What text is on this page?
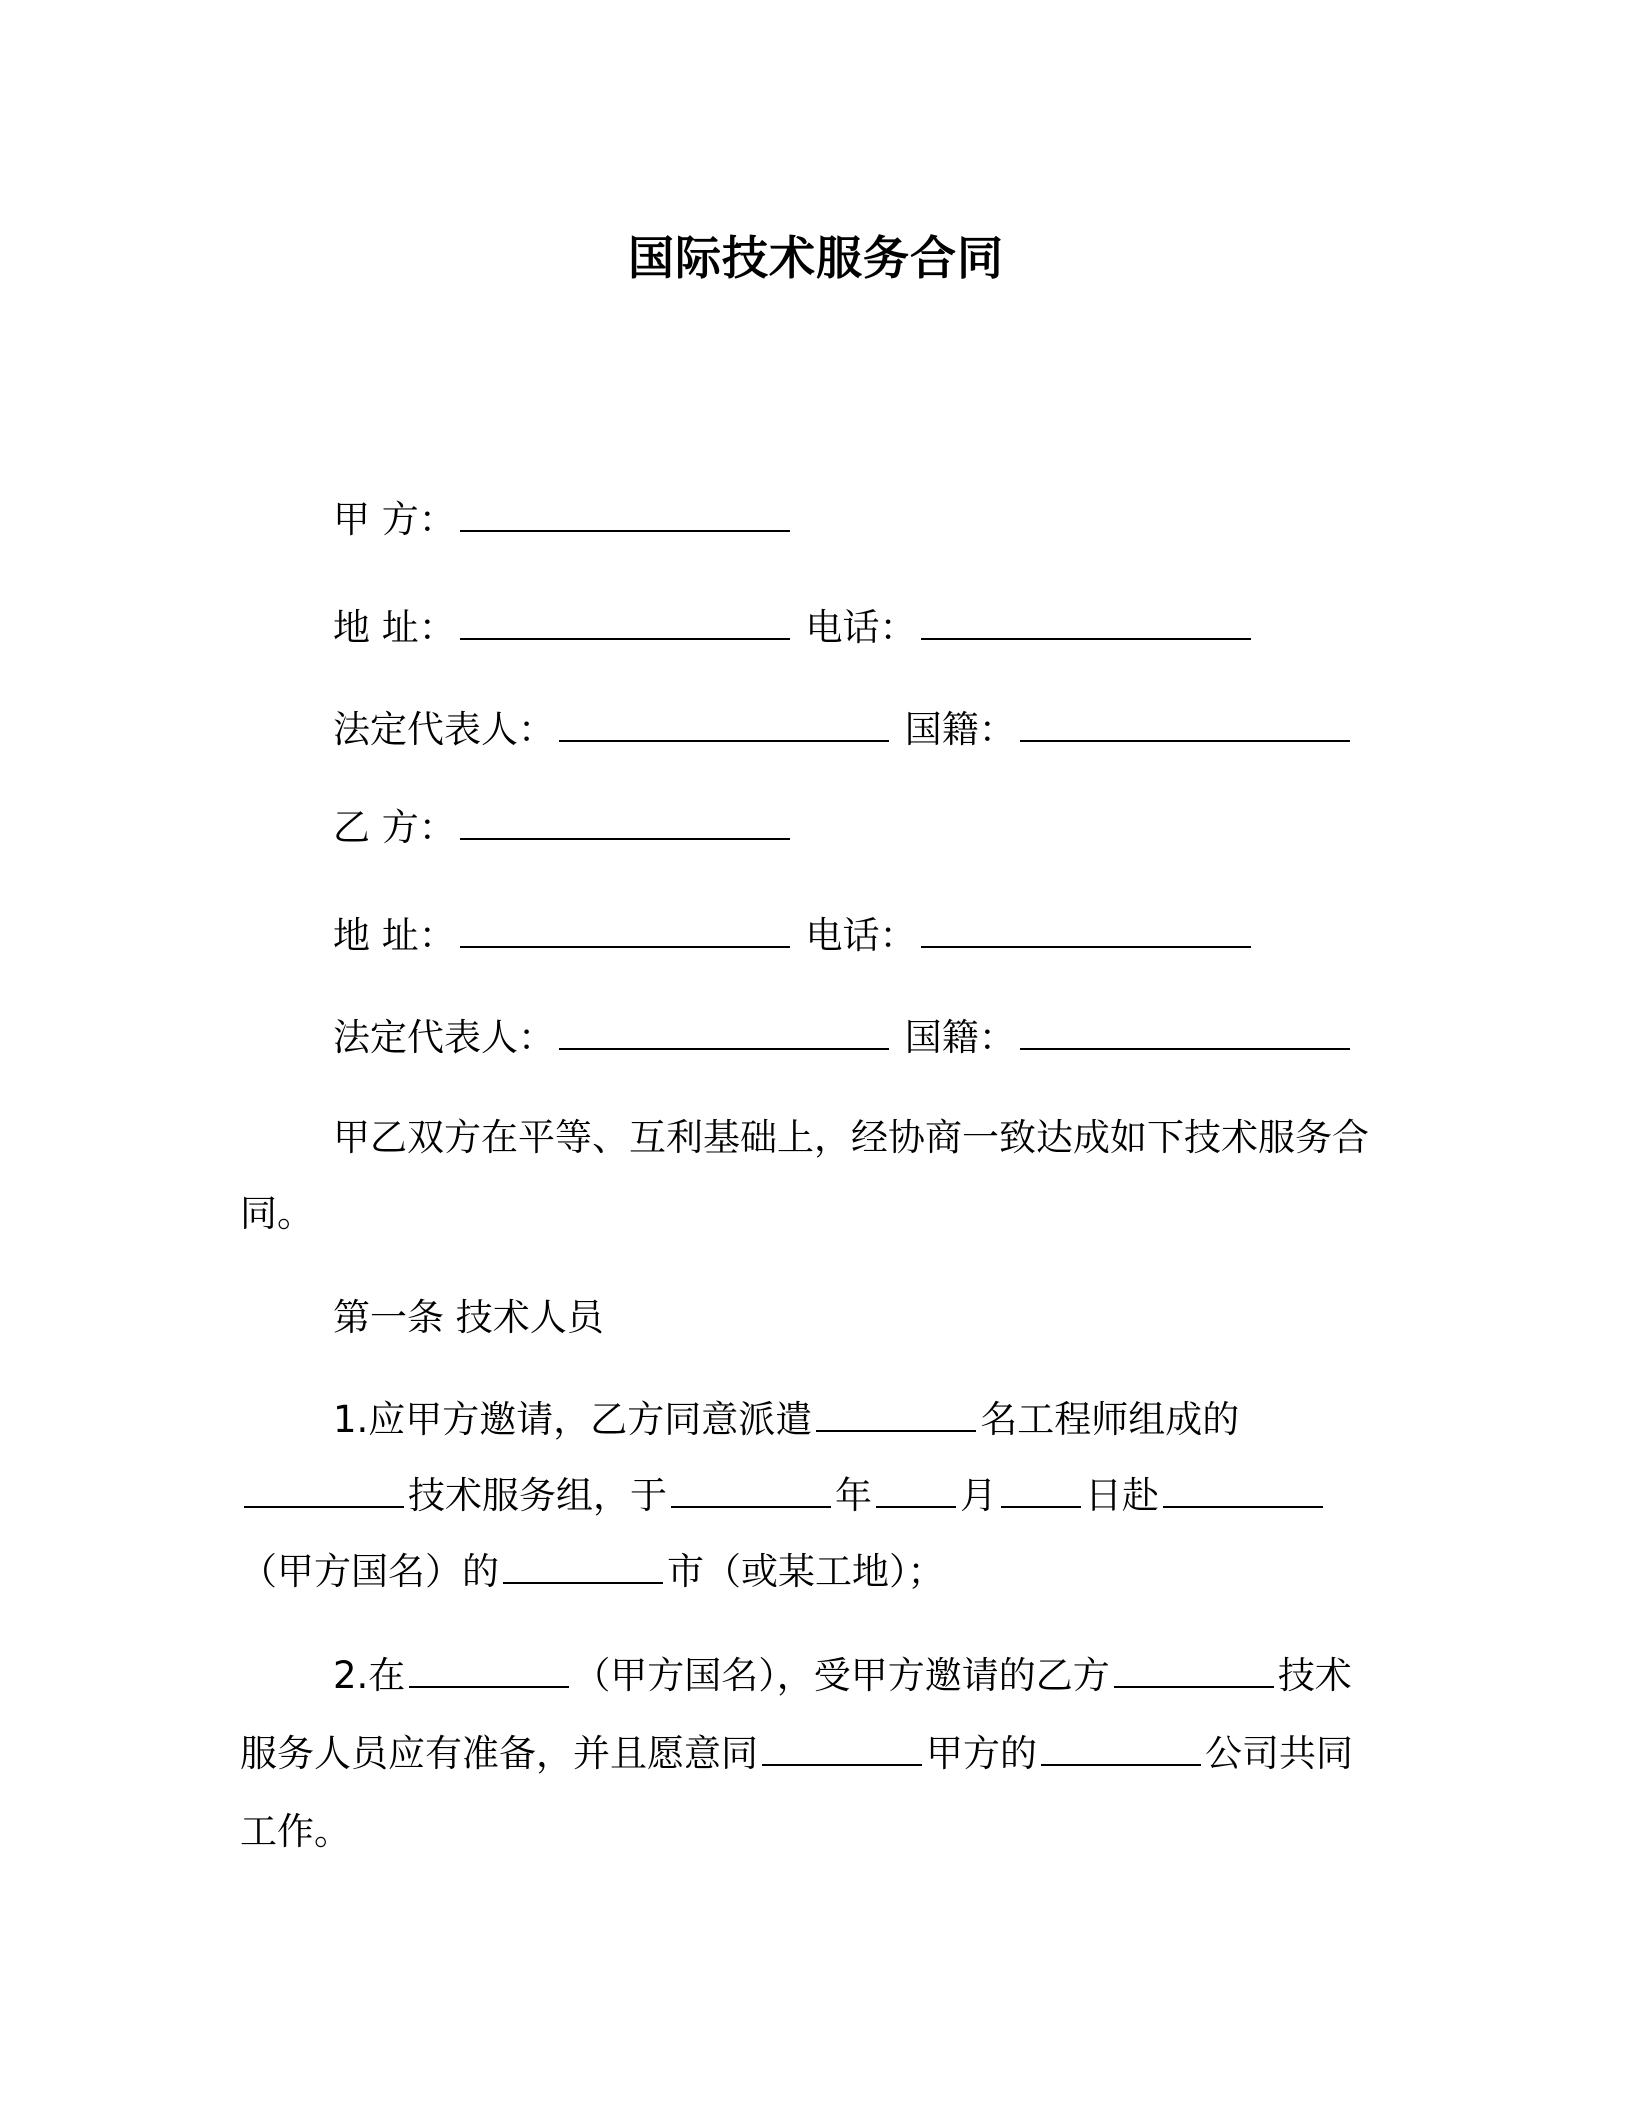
国际技术服务合同
甲 方：
地 址：	电话：
法定代表人：	国籍：
乙 方：
地 址：	电话：
法定代表人：	国籍：
甲乙双方在平等、互利基础上，经协商一致达成如下技术服务合
同。
第一条 技术人员
1.应甲方邀请，乙方同意派遣	名工程师组成的
技术服务组，于	年 月 日赴
（甲方国名）的	市（或某工地）；
2.在	（甲方国名），受甲方邀请的乙方	技术
服务人员应有准备，并且愿意同	甲方的	公司共同
工作。
